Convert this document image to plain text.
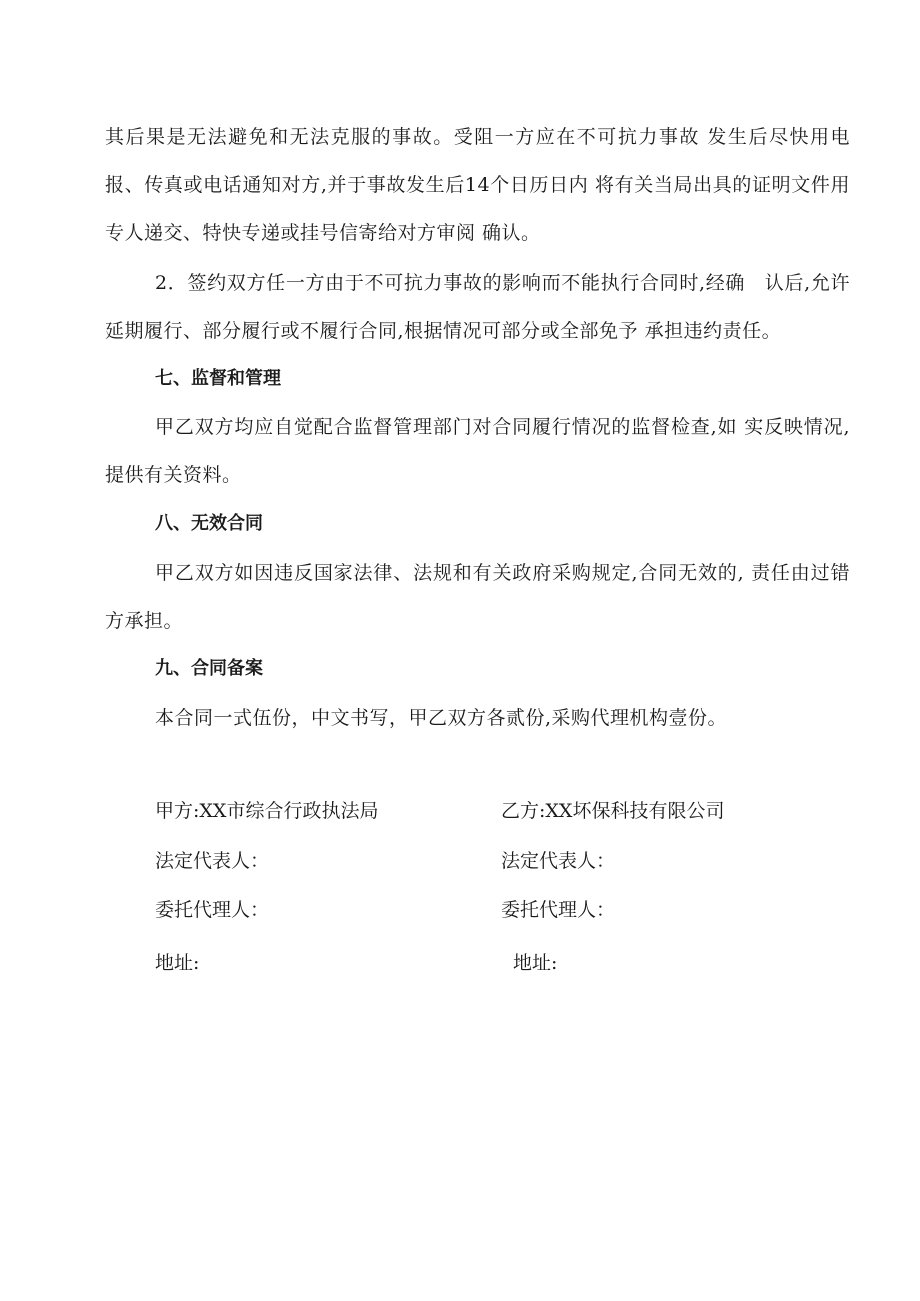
其后果是无法避免和无法克服的事故。受阻一方应在不可抗力事故 发生后尽快用电报、传真或电话通知对方,并于事故发生后14个日历日内 将有关当局出具的证明文件用专人递交、特快专递或挂号信寄给对方审阅 确认。

2．签约双方任一方由于不可抗力事故的影响而不能执行合同时,经确　认后,允许延期履行、部分履行或不履行合同,根据情况可部分或全部免予 承担违约责任。

七、监督和管理

甲乙双方均应自觉配合监督管理部门对合同履行情况的监督检查,如 实反映情况,提供有关资料。

八、无效合同

甲乙双方如因违反国家法律、法规和有关政府采购规定,合同无效的, 责任由过错方承担。

九、合同备案

本合同一式伍份，中文书写，甲乙双方各贰份,采购代理机构壹份。

甲方:XX市综合行政执法局
法定代表人：
委托代理人：
地址:
乙方:XX坏保科技有限公司
法定代表人：
委托代理人：
地址:
